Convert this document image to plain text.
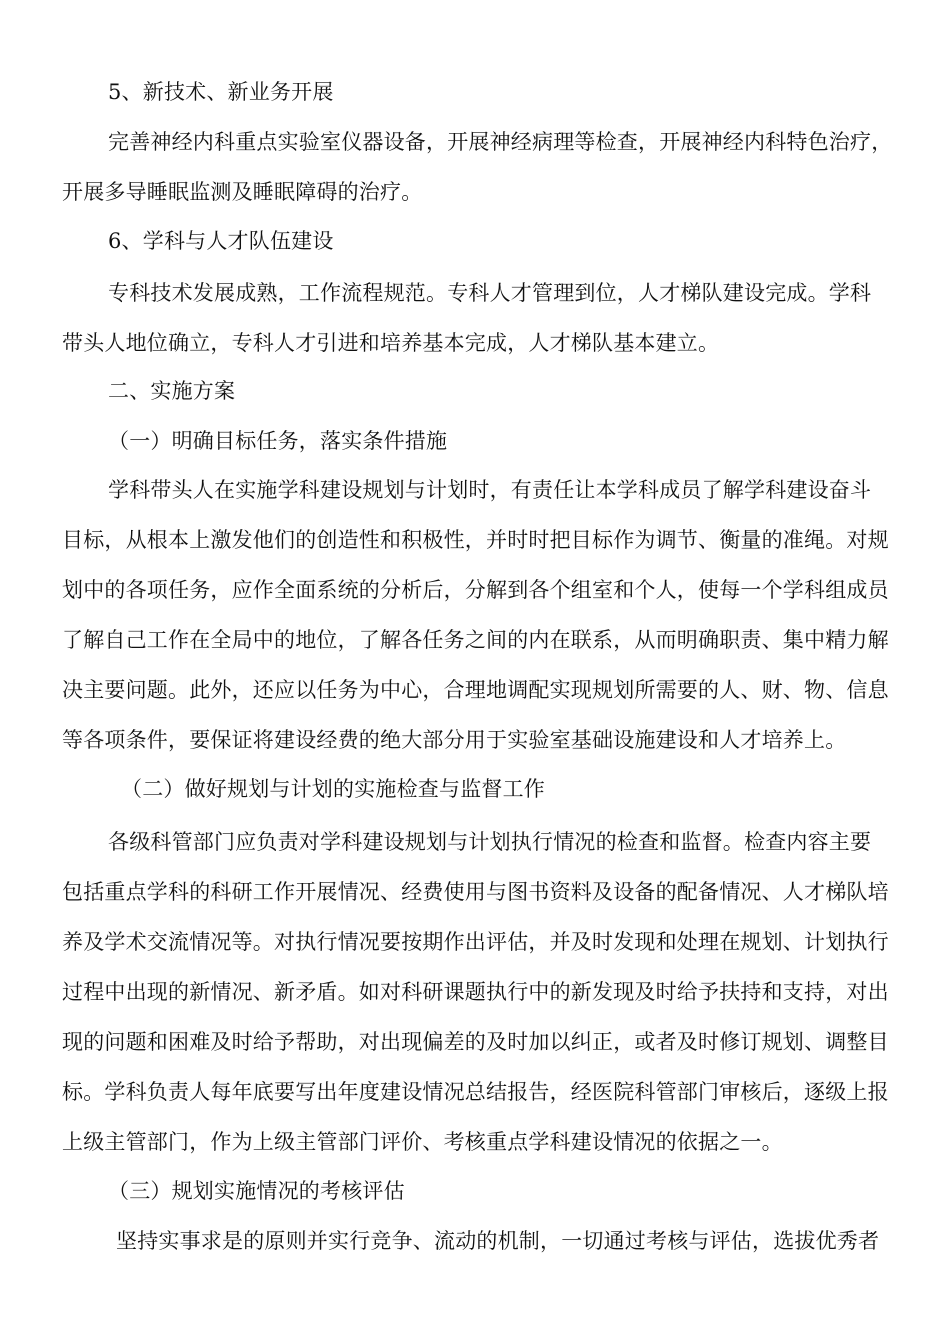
5、新技术、新业务开展
完善神经内科重点实验室仪器设备，开展神经病理等检查，开展神经内科特色治疗，
开展多导睡眠监测及睡眠障碍的治疗。
6、学科与人才队伍建设
专科技术发展成熟，工作流程规范。专科人才管理到位，人才梯队建设完成。学科
带头人地位确立，专科人才引进和培养基本完成，人才梯队基本建立。
二、实施方案
（一）明确目标任务，落实条件措施
学科带头人在实施学科建设规划与计划时，有责任让本学科成员了解学科建设奋斗
目标，从根本上激发他们的创造性和积极性，并时时把目标作为调节、衡量的准绳。对规
划中的各项任务，应作全面系统的分析后，分解到各个组室和个人，使每一个学科组成员
了解自己工作在全局中的地位，了解各任务之间的内在联系，从而明确职责、集中精力解
决主要问题。此外，还应以任务为中心，合理地调配实现规划所需要的人、财、物、信息
等各项条件，要保证将建设经费的绝大部分用于实验室基础设施建设和人才培养上。
（二）做好规划与计划的实施检查与监督工作
各级科管部门应负责对学科建设规划与计划执行情况的检查和监督。检查内容主要
包括重点学科的科研工作开展情况、经费使用与图书资料及设备的配备情况、人才梯队培
养及学术交流情况等。对执行情况要按期作出评估，并及时发现和处理在规划、计划执行
过程中出现的新情况、新矛盾。如对科研课题执行中的新发现及时给予扶持和支持，对出
现的问题和困难及时给予帮助，对出现偏差的及时加以纠正，或者及时修订规划、调整目
标。学科负责人每年底要写出年度建设情况总结报告，经医院科管部门审核后，逐级上报
上级主管部门，作为上级主管部门评价、考核重点学科建设情况的依据之一。
（三）规划实施情况的考核评估
坚持实事求是的原则并实行竞争、流动的机制，一切通过考核与评估，选拔优秀者
